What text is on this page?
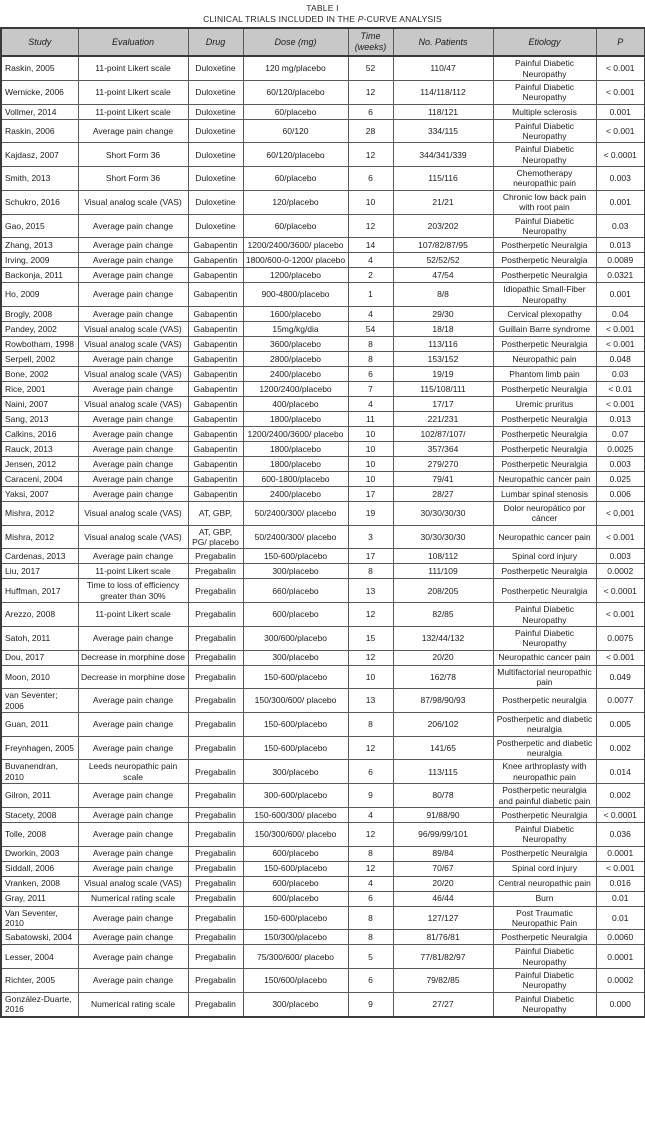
TABLE I
CLINICAL TRIALS INCLUDED IN THE P-CURVE ANALYSIS
Study	Evaluation	Drug	Dose (mg)	Time (weeks)	No. Patients	Etiology	P
Raskin, 2005	11-point Likert scale	Duloxetine	120 mg/placebo	52	110/47	Painful Diabetic Neuropathy	< 0.001
Wernicke, 2006	11-point Likert scale	Duloxetine	60/120/placebo	12	114/118/112	Painful Diabetic Neuropathy	< 0.001
Vollmer, 2014	11-point Likert scale	Duloxetine	60/placebo	6	118/121	Multiple sclerosis	0.001
Raskin, 2006	Average pain change	Duloxetine	60/120	28	334/115	Painful Diabetic Neuropathy	< 0.001
Kajdasz, 2007	Short Form 36	Duloxetine	60/120/placebo	12	344/341/339	Painful Diabetic Neuropathy	< 0.0001
Smith, 2013	Short Form 36	Duloxetine	60/placebo	6	115/116	Chemotherapy neuropathic pain	0.003
Schukro, 2016	Visual analog scale (VAS)	Duloxetine	120/placebo	10	21/21	Chronic low back pain with root pain	0.001
Gao, 2015	Average pain change	Duloxetine	60/placebo	12	203/202	Painful Diabetic Neuropathy	0.03
Zhang, 2013	Average pain change	Gabapentin	1200/2400/3600/ placebo	14	107/82/87/95	Postherpetic Neuralgia	0.013
Irving, 2009	Average pain change	Gabapentin	1800/600-0-1200/ placebo	4	52/52/52	Postherpetic Neuralgia	0.0089
Backonja, 2011	Average pain change	Gabapentin	1200/placebo	2	47/54	Postherpetic Neuralgia	0.0321
Ho, 2009	Average pain change	Gabapentin	900-4800/placebo	1	8/8	Idiopathic Small-Fiber Neuropathy	0.001
Brogly, 2008	Average pain change	Gabapentin	1600/placebo	4	29/30	Cervical plexopathy	0.04
Pandey, 2002	Visual analog scale (VAS)	Gabapentin	15mg/kg/dia	54	18/18	Guillain Barre syndrome	< 0.001
Rowbotham, 1998	Visual analog scale (VAS)	Gabapentin	3600/placebo	8	113/116	Postherpetic Neuralgia	< 0.001
Serpell, 2002	Average pain change	Gabapentin	2800/placebo	8	153/152	Neuropathic pain	0.048
Bone, 2002	Visual analog scale (VAS)	Gabapentin	2400/placebo	6	19/19	Phantom limb pain	0.03
Rice, 2001	Average pain change	Gabapentin	1200/2400/placebo	7	115/108/111	Postherpetic Neuralgia	< 0.01
Naini, 2007	Visual analog scale (VAS)	Gabapentin	400/placebo	4	17/17	Uremic pruritus	< 0.001
Sang, 2013	Average pain change	Gabapentin	1800/placebo	11	221/231	Postherpetic Neuralgia	0.013
Calkins, 2016	Average pain change	Gabapentin	1200/2400/3600/ placebo	10	102/87/107/	Postherpetic Neuralgia	0.07
Rauck, 2013	Average pain change	Gabapentin	1800/placebo	10	357/364	Postherpetic Neuralgia	0.0025
Jensen, 2012	Average pain change	Gabapentin	1800/placebo	10	279/270	Postherpetic Neuralgia	0.003
Caraceni, 2004	Average pain change	Gabapentin	600-1800/placebo	10	79/41	Neuropathic cancer pain	0.025
Yaksi, 2007	Average pain change	Gabapentin	2400/placebo	17	28/27	Lumbar spinal stenosis	0.006
Mishra, 2012	Visual analog scale (VAS)	AT, GBP,	50/2400/300/ placebo	19	30/30/30/30	Dolor neuropático por cáncer	< 0,001
Mishra, 2012	Visual analog scale (VAS)	AT, GBP, PG/ placebo	50/2400/300/ placebo	3	30/30/30/30	Neuropathic cancer pain	< 0.001
Cardenas, 2013	Average pain change	Pregabalin	150-600/placebo	17	108/112	Spinal cord injury	0.003
Liu, 2017	11-point Likert scale	Pregabalin	300/placebo	8	111/109	Postherpetic Neuralgia	0.0002
Huffman, 2017	Time to loss of efficiency greater than 30%	Pregabalin	660/placebo	13	208/205	Postherpetic Neuralgia	< 0.0001
Arezzo, 2008	11-point Likert scale	Pregabalin	600/placebo	12	82/85	Painful Diabetic Neuropathy	< 0.001
Satoh, 2011	Average pain change	Pregabalin	300/600/placebo	15	132/44/132	Painful Diabetic Neuropathy	0.0075
Dou, 2017	Decrease in morphine dose	Pregabalin	300/placebo	12	20/20	Neuropathic cancer pain	< 0.001
Moon, 2010	Decrease in morphine dose	Pregabalin	150-600/placebo	10	162/78	Multifactorial neuropathic pain	0.049
van Seventer; 2006	Average pain change	Pregabalin	150/300/600/ placebo	13	87/98/90/93	Postherpetic neuralgia	0.0077
Guan, 2011	Average pain change	Pregabalin	150-600/placebo	8	206/102	Postherpetic and diabetic neuralgia	0.005
Freynhagen, 2005	Average pain change	Pregabalin	150-600/placebo	12	141/65	Postherpetic and diabetic neuralgia	0.002
Buvanendran, 2010	Leeds neuropathic pain scale	Pregabalin	300/placebo	6	113/115	Knee arthroplasty with neuropathic pain	0.014
Gilron, 2011	Average pain change	Pregabalin	300-600/placebo	9	80/78	Postherpetic neuralgia and painful diabetic pain	0.002
Stacety, 2008	Average pain change	Pregabalin	150-600/300/ placebo	4	91/88/90	Postherpetic Neuralgia	< 0.0001
Tolle, 2008	Average pain change	Pregabalin	150/300/600/ placebo	12	96/99/99/101	Painful Diabetic Neuropathy	0.036
Dworkin, 2003	Average pain change	Pregabalin	600/placebo	8	89/84	Postherpetic Neuralgia	0.0001
Siddall, 2006	Average pain change	Pregabalin	150-600/placebo	12	70/67	Spinal cord injury	< 0.001
Vranken, 2008	Visual analog scale (VAS)	Pregabalin	600/placebo	4	20/20	Central neuropathic pain	0.016
Gray, 2011	Numerical rating scale	Pregabalin	600/placebo	6	46/44	Burn	0.01
Van Seventer, 2010	Average pain change	Pregabalin	150-600/placebo	8	127/127	Post Traumatic Neuropathic Pain	0.01
Sabatowski, 2004	Average pain change	Pregabalin	150/300/placebo	8	81/76/81	Postherpetic Neuralgia	0.0060
Lesser, 2004	Average pain change	Pregabalin	75/300/600/ placebo	5	77/81/82/97	Painful Diabetic Neuropathy	0.0001
Richter, 2005	Average pain change	Pregabalin	150/600/placebo	6	79/82/85	Painful Diabetic Neuropathy	0.0002
González-Duarte, 2016	Numerical rating scale	Pregabalin	300/placebo	9	27/27	Painful Diabetic Neuropathy	0.000
